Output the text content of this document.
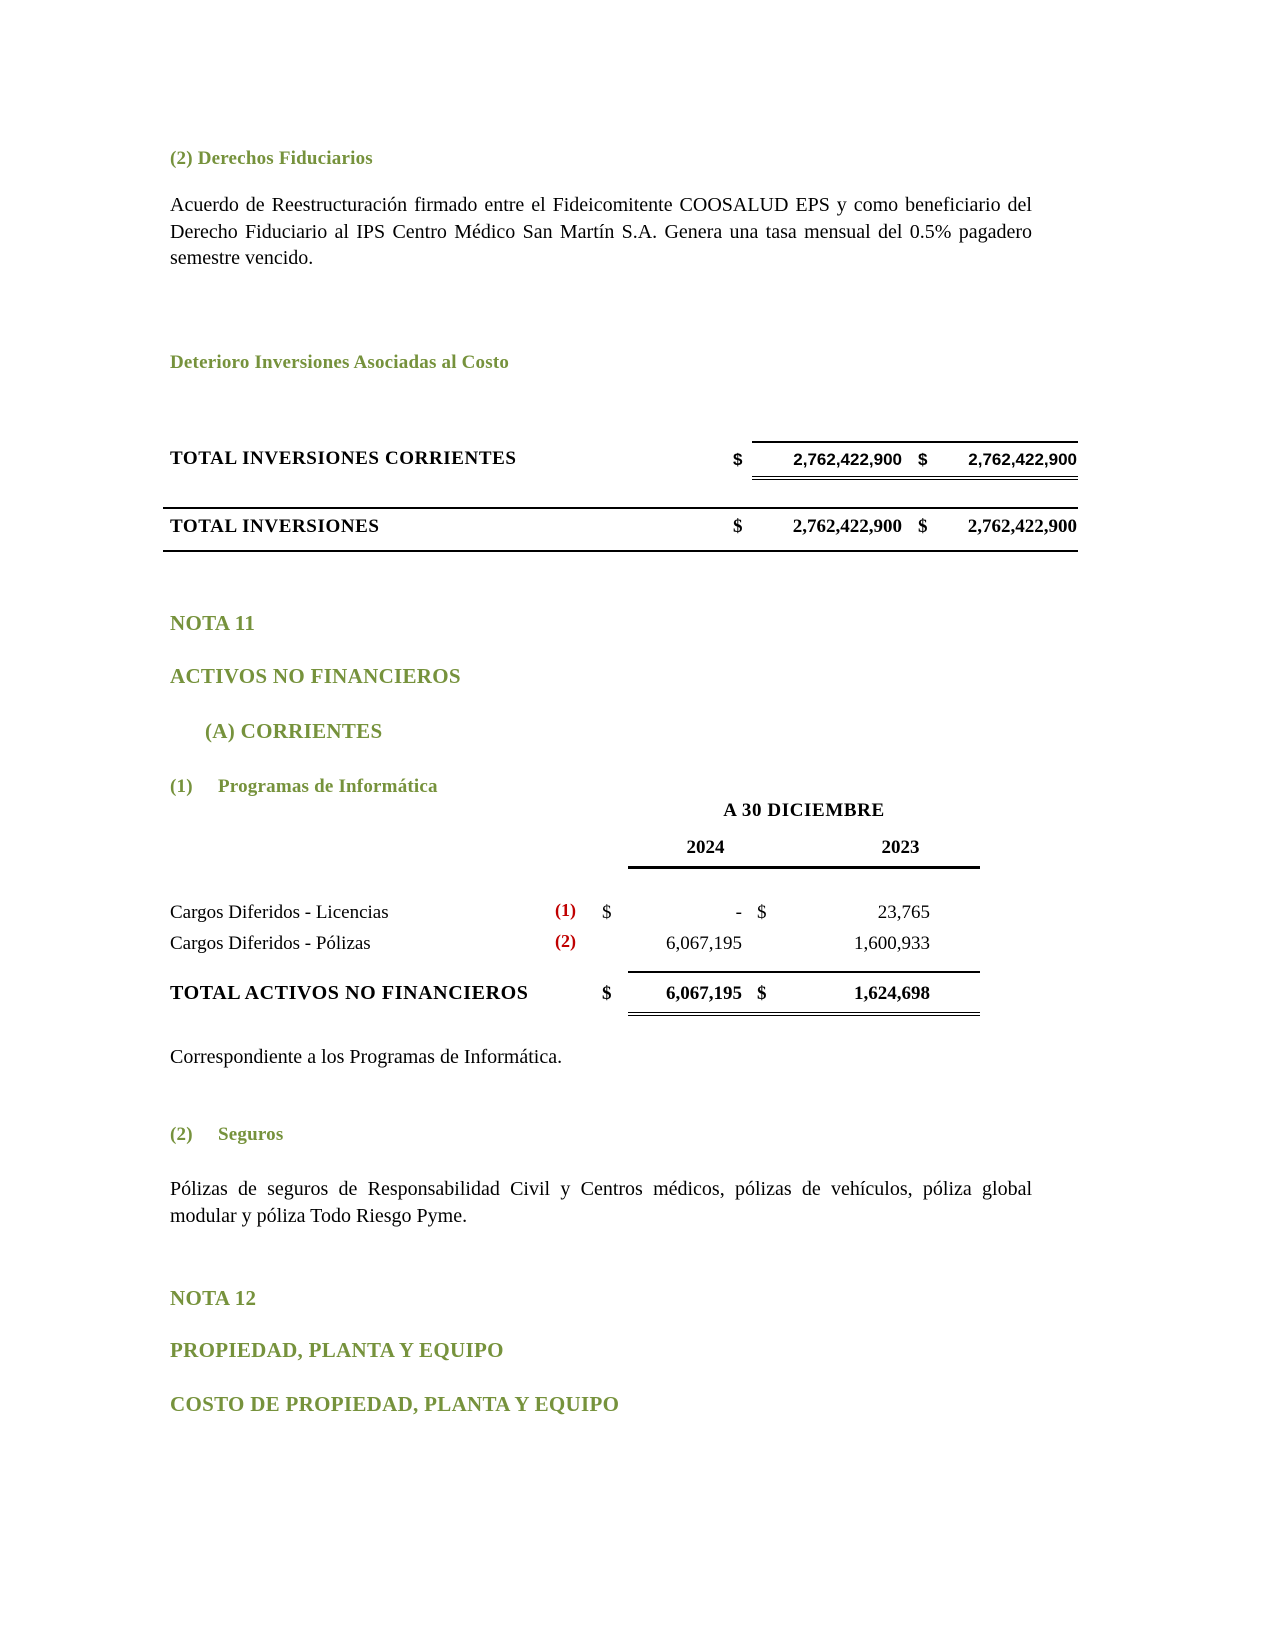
(2) Derechos Fiduciarios
Acuerdo de Reestructuración firmado entre el Fideicomitente COOSALUD EPS y como beneficiario del Derecho Fiduciario al IPS Centro Médico San Martín S.A. Genera una tasa mensual del 0.5% pagadero semestre vencido.
Deterioro Inversiones Asociadas al Costo
TOTAL INVERSIONES CORRIENTES	$	2,762,422,900 $	2,762,422,900
TOTAL INVERSIONES	$	2,762,422,900 $	2,762,422,900
NOTA 11
ACTIVOS NO FINANCIEROS
(A) CORRIENTES
(1) Programas de Informática
A 30 DICIEMBRE
2024	2023
Cargos Diferidos - Licencias	(1) $	- $	23,765
Cargos Diferidos - Pólizas	(2)	6,067,195	1,600,933
TOTAL ACTIVOS NO FINANCIEROS	$	6,067,195 $	1,624,698
Correspondiente a los Programas de Informática.
(2) Seguros
Pólizas de seguros de Responsabilidad Civil y Centros médicos, pólizas de vehículos, póliza global modular y póliza Todo Riesgo Pyme.
NOTA 12
PROPIEDAD, PLANTA Y EQUIPO
COSTO DE PROPIEDAD, PLANTA Y EQUIPO
